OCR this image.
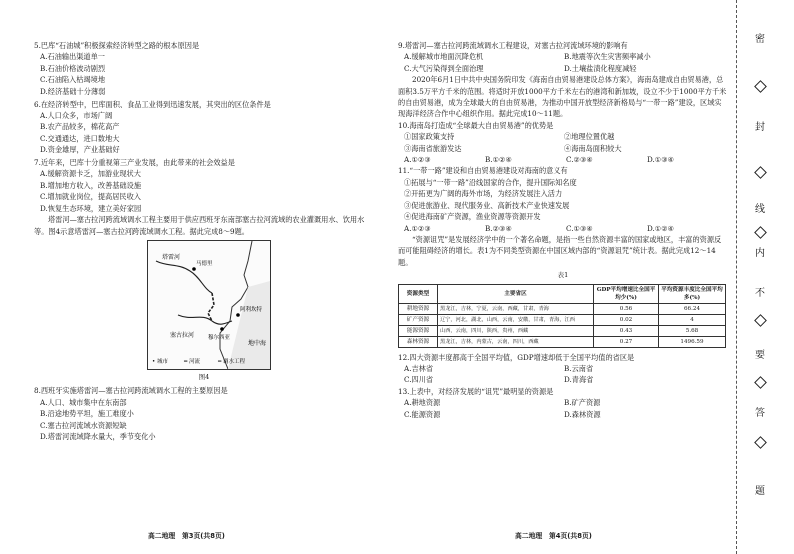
5.巴库“石油城”积极探索经济转型之路的根本原因是

A.石油输出渠道单一

B.石油价格波动剧烈

C.石油陷入枯竭境地

D.经济基础十分薄弱

6.在经济转型中，巴库面积、食品工业得到迅速发展，其突出的区位条件是

A.人口众多，市场广阔

B.农产品较多，棉花高产

C.交通通达，进口数地大

D.资金雄厚，产业基础好

7.近年来，巴库十分重视第三产业发展，由此带来的社会效益是

A.缓解资源卡乏，加游业现状大

B.增加地方收入，改善基础设施

C.增加就业岗位，提高居民收入

D.恢复生态环境，建立美好家园

塔雷河—塞古拉河跨流域调水工程主要用于供应西班牙东南部塞古拉河流域的农业灌溉用水、饮用水等。图4示意塔雷河—塞古拉河跨流域调水工程。据此完成8～9题。

塔雷河
塞古拉河
地中海
马德里
阿利坎特
穆尔西亚
• 城市	━ 河流	━ 调水工程
图4

8.西班牙实施塔雷河—塞古拉河跨流域调水工程的主要原因是

A.人口、城市集中在东南部

B.沿途地势平坦，施工难度小

C.塞古拉河流域水资源短缺

D.塔雷河流域降水量大，季节变化小

9.塔雷河—塞古拉河跨流域调水工程建设，对塞古拉河流域环境的影响有

A.缓解城市地面沉降危机	B.地震等次生灾害频率减小
C.大气污染得到全面治理	D.土壤盐渍化程度减轻

2020年6月1日中共中央国务院印发《海南自由贸易港建设总体方案》，海南岛建成自由贸易港，总面积3.5万平方千米的范围。将适时开放1000平方千米左右的港湾和新加坡，设立不少于1000平方千米的自由贸易港，成为全球最大的自由贸易港，为推动中国开放型经济新格局与“一带一路”建设，区域实现海洋经济合作中心组织作用。据此完成10～11题。

10.海南岛打造成“全球最大自由贸易港”的优势是

①国家政策支持	②地理位置优越
③海南省旅游发达	④海南岛面积较大
A.①②③	B.①②④	C.②③④	D.①③④

11.“一带一路”建设和自由贸易港建设对海南的意义有

①拓展与“一带一路”沿线国家的合作，提升国际知名度

②开拓更为广阔的海外市场，为经济发展注入活力

③促进旅游业、现代服务业、高新技术产业快速发展

④促进海南矿产资源，渔业资源等资源开发

A.①②③	B.②③④	C.①③④	D.①②④

“资源诅咒”是发展经济学中的一个著名命题，是指一些自然资源丰富的国家或地区，丰富的资源反而可能阻碍经济的增长。表1为不同类型资源在中国区域内部的“资源诅咒”统计表。据此完成12～14题。

表1
资源类型	主要省区	GDP平均增速比全国平均少(%)	平均资源丰度比全国平均多(%)
耕地资源	黑龙江，吉林，宁夏，云南，西藏，甘肃，青海	0.56	66.24
矿产资源	辽宁，河北，湖北，山西，云南，安徽，甘肃，青海，江西	0.02	4
能源资源	山西，云南，四川，陕西，贵州，西藏	0.43	5.68
森林资源	黑龙江，吉林，内蒙古，云南，四川，西藏	0.27	1496.59

12.四大资源丰度都高于全国平均值，GDP增速却低于全国平均值的省区是

A.吉林省	B.云南省
C.四川省	D.青海省

13.上表中，对经济发展的“诅咒”最明显的资源是

A.耕地资源	B.矿产资源
C.能源资源	D.森林资源
高二地理　第3页(共8页)	高二地理　第4页(共8页)
密
封
线
内
不
要
答
题
